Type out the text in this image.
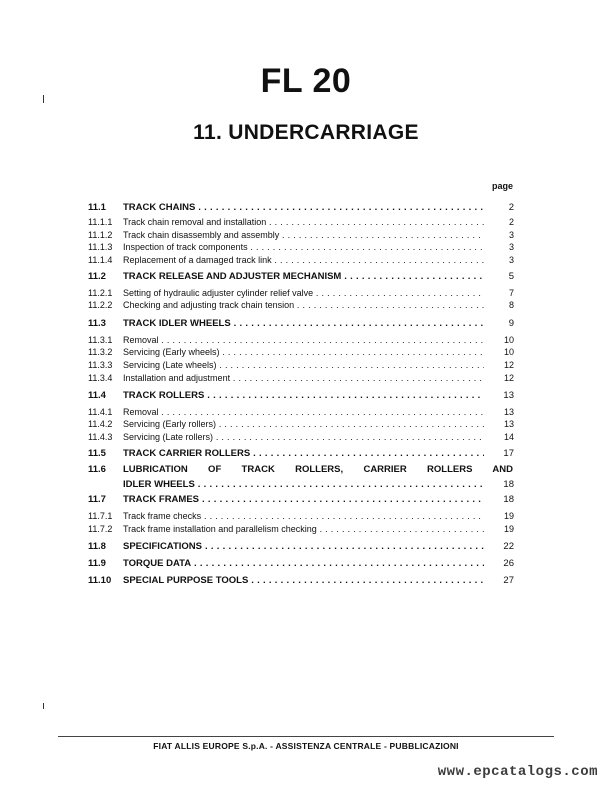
FL 20
11. UNDERCARRIAGE
page
11.1 TRACK CHAINS . . .	2
11.1.1 Track chain removal and installation . . .	2
11.1.2 Track chain disassembly and assembly . . .	3
11.1.3 Inspection of track components . . .	3
11.1.4 Replacement of a damaged track link . . .	3
11.2 TRACK RELEASE AND ADJUSTER MECHANISM . . .	5
11.2.1 Setting of hydraulic adjuster cylinder relief valve . . .	7
11.2.2 Checking and adjusting track chain tension . . .	8
11.3 TRACK IDLER WHEELS . . .	9
11.3.1 Removal . . .	10
11.3.2 Servicing (Early wheels) . . .	10
11.3.3 Servicing (Late wheels) . . .	12
11.3.4 Installation and adjustment . . .	12
11.4 TRACK ROLLERS . . .	13
11.4.1 Removal . . .	13
11.4.2 Servicing (Early rollers) . . .	13
11.4.3 Servicing (Late rollers) . . .	14
11.5 TRACK CARRIER ROLLERS . . .	17
11.6 LUBRICATION OF TRACK ROLLERS, CARRIER ROLLERS AND
IDLER WHEELS . . .	18
11.7 TRACK FRAMES . . .	18
11.7.1 Track frame checks . . .	19
11.7.2 Track frame installation and parallelism checking . . .	19
11.8 SPECIFICATIONS . . .	22
11.9 TORQUE DATA . . .	26
11.10 SPECIAL PURPOSE TOOLS . . .	27
FIAT ALLIS EUROPE S.p.A. - ASSISTENZA CENTRALE - PUBBLICAZIONI
www.epcatalogs.com
